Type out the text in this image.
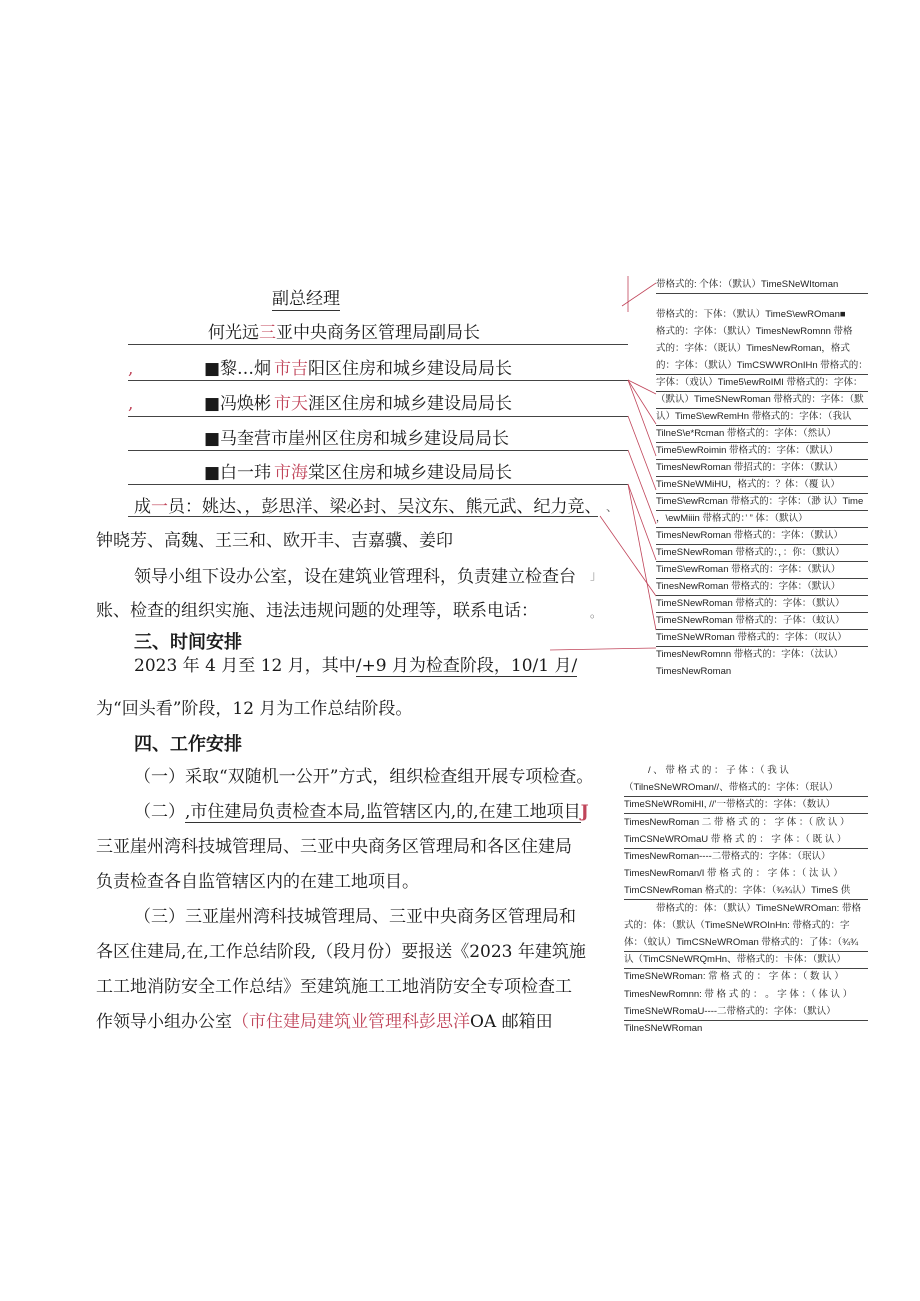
副总经理
何光远三亚中央商务区管理局副局长
,	■黎…炯 市吉 阳区住房和城乡建设局局长
,	■冯焕彬 市天 涯区住房和城乡建设局局长
■马奎营市崖州区住房和城乡建设局局长
■白一玮 市海 棠区住房和城乡建设局局长
成一员：姚达、，彭思洋、梁必封、吴汶东、熊元武、纪力竞、 、
钟晓芳、高魏、王三和、欧开丰、吉嘉骥、姜印
领导小组下设办公室，设在建筑业管理科，负责建立检查台 」
账、检查的组织实施、违法违规问题的处理等，联系电话：	。
三、时间安排
2023 年 4 月至 12 月，其中/+9 月为检查阶段，10/1 月/
为“回头看”阶段，12 月为工作总结阶段。
四、工作安排
（一）采取“双随机一公开”方式，组织检查组开展专项检查。
（二）,市住建局负责检查本局,监管辖区内,的,在建工地项目J
三亚崖州湾科技城管理局、三亚中央商务区管理局和各区住建局
负责检查各自监管辖区内的在建工地项目。
（三）三亚崖州湾科技城管理局、三亚中央商务区管理局和
各区住建局,在,工作总结阶段,（段月份）要报送《2023 年建筑施
工工地消防安全工作总结》至建筑施工工地消防安全专项检查工
作领导小组办公室（市住建局建筑业管理科彭思洋OA 邮箱田
带格式的: 个体：（默认）TimeSNeWItoman
带格式的：下体：（默认）TimeS\ewROman■
格式的：字体：（默认）TimesNewRomnn 带格
式的：字体：（既认）TimesNewRoman，格式
的：字体：（默认）TimCSWWROnIHn 带格式的：
字体：（戏认）Time5\ewRoIMI 带格式的：字体：
（默认）TimeSNewRoman 带格式的：字体：（默
认）TimeS\ewRemHn 带格式的：字体：（我认
TilneS\e*Rcman 带格式的：字体：（然认）
Time5\ewRoimin 带格式的：字体：（默认）
TimesNewRoman 带招式的：字体：（默认）
TimeSNeWMiHU，格式的：？体：（覆 认）
TimeS\ewRcman 带格式的：字体：（渺 认）Time
，\ewMiiin 带格式的：’ ” 体：（默认）
TimesNewRoman 带格式的：字体：（默认）
TimeSNewRoman 带格式的：，：你：（默认）
TimeS\ewRoman 带格式的：字体：（默认）
TinesNewRoman 带格式的：字体：（默认）
TimeSNewRoman 带格式的：字体：（默认）
TimeSNewRoman 带格式的：子体：（蚊认）
TimeSNeWRoman 带格式的：字体：（叹认）
TimesNewRomnn 带格式的：字体：（汰认）
TimesNewRoman
/ 、 带 格 式 的 ： 子 体 ：（ 我 认
（TilneSNeWROman//、带格式的：字体：（珉认）
TimeSNeWRomiHI, //’一带格式的：字体：（数认）
TimesNewRoman 二 带 格 式 的 ： 字 体 ：（ 欣 认 ）
TimCSNeWROmaU 带 格 式 的 ： 字 体 ：（ 既 认 ）
TimesNewRoman----二带格式的：字体：（珉认）
TimesNewRoman/I 带 格 式 的 ： 字 体 ：（ 汰 认 ）
TimCSNewRoman 格式的：字体：（¾¾认）TimeS 供
带格式的：体：（默认）TimeSNeWROman: 带格
式的：体：（默认（TimeSNeWROInHn: 带格式的：字
体：（蚊认）TimCSNeWROman 带格式的：了体：（¾¾
认（TimCSNeWRQmHn、带格式的：卡体：（默认）
TimeSNeWRoman: 常 格 式 的 ： 字 体 ：（ 数 认 ）
TimesNewRomnn: 带 格 式 的 ： 。 字 体 ：（ 体 认 ）
TimeSNeWRomaU----二带格式的：字体：（默认）
TilneSNeWRoman
